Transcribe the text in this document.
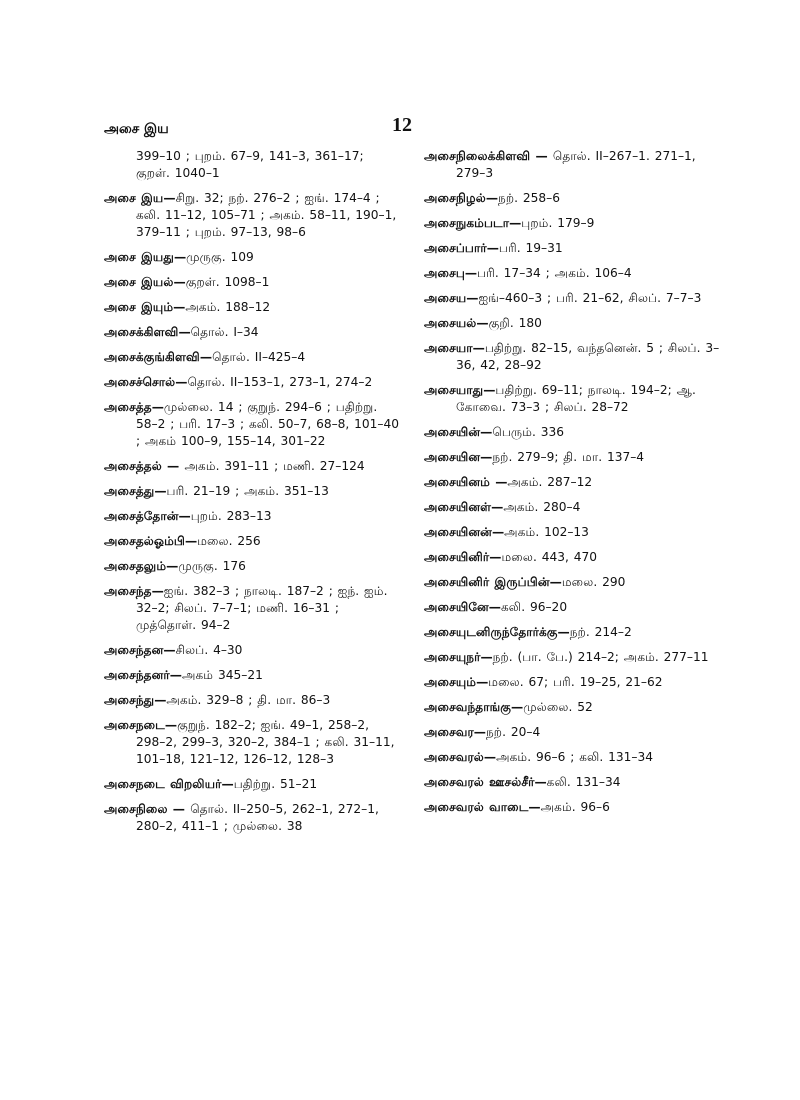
அசை இய	12

399–10 ; புறம். 67–9, 141–3, 361–17; குறள். 1040–1

அசை இய—சிறு. 32; நற். 276–2 ; ஐங். 174–4 ; கலி. 11–12, 105–71 ; அகம். 58–11, 190–1, 379–11 ; புறம். 97–13, 98–6

அசை இயது—முருகு. 109

அசை இயல்—குறள். 1098–1

அசை இயும்—அகம். 188–12

அசைக்கிளவி—தொல். I–34

அசைக்குங்கிளவி—தொல். II–425–4

அசைச்சொல்—தொல். II–153–1, 273–1, 274–2

அசைத்த—முல்லை. 14 ; குறுந். 294–6 ; பதிற்று. 58–2 ; பரி. 17–3 ; கலி. 50–7, 68–8, 101–40 ; அகம் 100–9, 155–14, 301–22

அசைத்தல் — அகம். 391–11 ; மணி. 27–124

அசைத்து—பரி. 21–19 ; அகம். 351–13

அசைத்தோன்—புறம். 283–13

அசைதல்ஓம்பி—மலை. 256

அசைதலும்—முருகு. 176

அசைந்த—ஐங். 382–3 ; நாலடி. 187–2 ; ஐந். ஐம். 32–2; சிலப். 7–7–1; மணி. 16–31 ; முத்தொள். 94–2

அசைந்தன—சிலப். 4–30

அசைந்தனர்—அகம் 345–21

அசைந்து—அகம். 329–8 ; தி. மா. 86–3

அசைநடை—குறுந். 182–2; ஐங். 49–1, 258–2, 298–2, 299–3, 320–2, 384–1 ; கலி. 31–11, 101–18, 121–12, 126–12, 128–3

அசைநடை விறலியர்—பதிற்று. 51–21

அசைநிலை — தொல். II–250–5, 262–1, 272–1, 280–2, 411–1 ; முல்லை. 38

அசைநிலைக்கிளவி — தொல். II–267–1. 271–1, 279–3

அசைநிழல்—நற். 258–6

அசைநுகம்படா—புறம். 179–9

அசைப்பார்—பரி. 19–31

அசைபு—பரி. 17–34 ; அகம். 106–4

அசைய—ஐங்–460–3 ; பரி. 21–62, சிலப். 7–7–3

அசையல்—குறி. 180

அசையா—பதிற்று. 82–15, வந்தனென். 5 ; சிலப். 3–36, 42, 28–92

அசையாது—பதிற்று. 69–11; நாலடி. 194–2; ஆ. கோவை. 73–3 ; சிலப். 28–72

அசையின்—பெரும். 336

அசையின—நற். 279–9; தி. மா. 137–4

அசையினம் —அகம். 287–12

அசையினள்—அகம். 280–4

அசையினன்—அகம். 102–13

அசையினிர்—மலை. 443, 470

அசையினிர் இருப்பின்—மலை. 290

அசையினே—கலி. 96–20

அசையுடனிருந்தோர்க்கு—நற். 214–2

அசையுநர்—நற். (பா. பே.) 214–2; அகம். 277–11

அசையும்—மலை. 67; பரி. 19–25, 21–62

அசைவந்தாங்கு—முல்லை. 52

அசைவர—நற். 20–4

அசைவரல்—அகம். 96–6 ; கலி. 131–34

அசைவரல் ஊசல்சீர்—கலி. 131–34

அசைவரல் வாடை—அகம். 96–6
